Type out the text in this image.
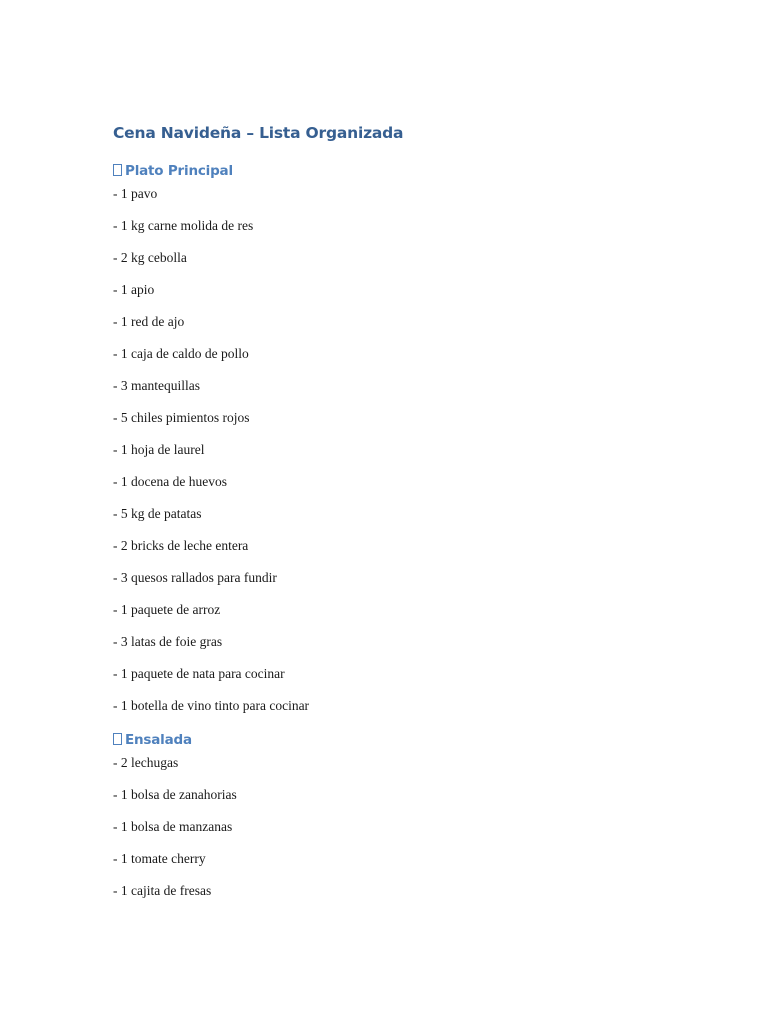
Cena Navideña – Lista Organizada
Plato Principal
- 1 pavo
- 1 kg carne molida de res
- 2 kg cebolla
- 1 apio
- 1 red de ajo
- 1 caja de caldo de pollo
- 3 mantequillas
- 5 chiles pimientos rojos
- 1 hoja de laurel
- 1 docena de huevos
- 5 kg de patatas
- 2 bricks de leche entera
- 3 quesos rallados para fundir
- 1 paquete de arroz
- 3 latas de foie gras
- 1 paquete de nata para cocinar
- 1 botella de vino tinto para cocinar
Ensalada
- 2 lechugas
- 1 bolsa de zanahorias
- 1 bolsa de manzanas
- 1 tomate cherry
- 1 cajita de fresas
